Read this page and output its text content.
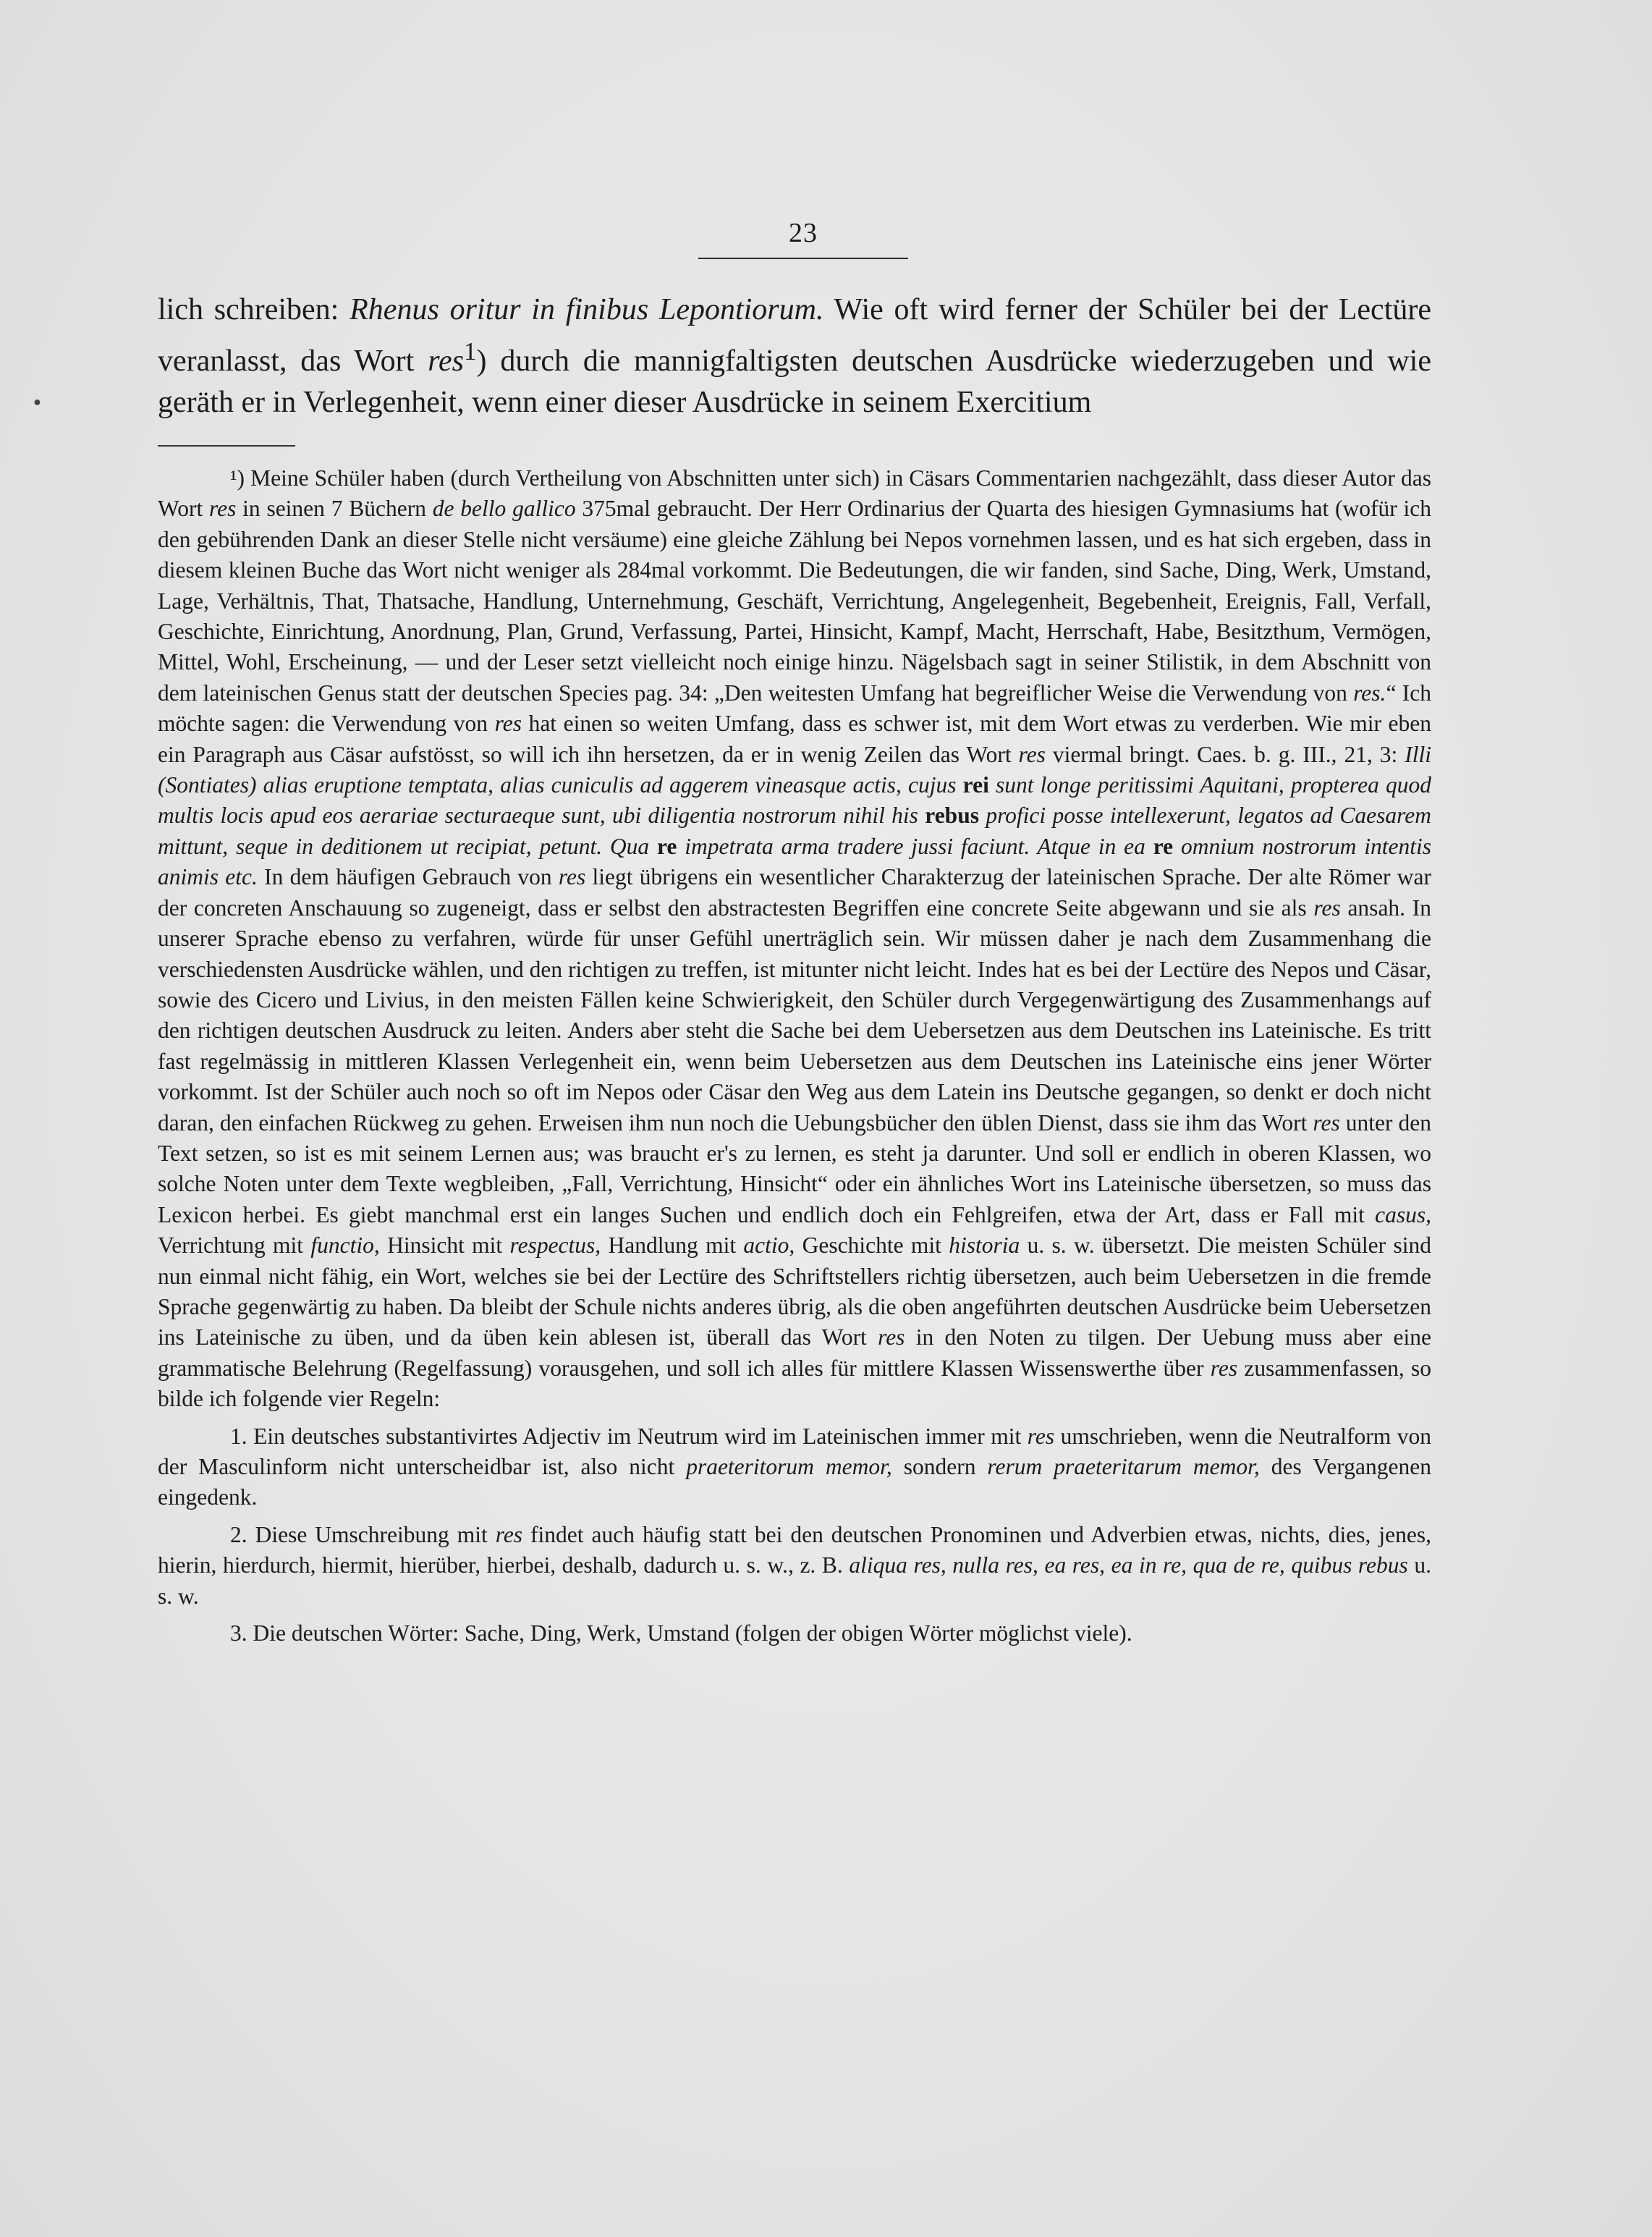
23
●

lich schreiben: Rhenus oritur in finibus Lepontiorum. Wie oft wird ferner der Schüler bei der Lectüre veranlasst, das Wort res$^1$) durch die mannigfaltigsten deutschen Ausdrücke wiederzugeben und wie geräth er in Verlegenheit, wenn einer dieser Ausdrücke in seinem Exercitium

¹) Meine Schüler haben (durch Vertheilung von Abschnitten unter sich) in Cäsars Commentarien nachgezählt, dass dieser Autor das Wort res in seinen 7 Büchern de bello gallico 375mal gebraucht. Der Herr Ordinarius der Quarta des hiesigen Gymnasiums hat (wofür ich den gebührenden Dank an dieser Stelle nicht versäume) eine gleiche Zählung bei Nepos vornehmen lassen, und es hat sich ergeben, dass in diesem kleinen Buche das Wort nicht weniger als 284mal vorkommt. Die Bedeutungen, die wir fanden, sind Sache, Ding, Werk, Umstand, Lage, Verhältnis, That, Thatsache, Handlung, Unternehmung, Geschäft, Verrichtung, Angelegenheit, Begebenheit, Ereignis, Fall, Verfall, Geschichte, Einrichtung, Anordnung, Plan, Grund, Verfassung, Partei, Hinsicht, Kampf, Macht, Herrschaft, Habe, Besitzthum, Vermögen, Mittel, Wohl, Erscheinung, — und der Leser setzt vielleicht noch einige hinzu. Nägelsbach sagt in seiner Stilistik, in dem Abschnitt von dem lateinischen Genus statt der deutschen Species pag. 34: „Den weitesten Umfang hat begreiflicher Weise die Verwendung von res.“ Ich möchte sagen: die Verwendung von res hat einen so weiten Umfang, dass es schwer ist, mit dem Wort etwas zu verderben. Wie mir eben ein Paragraph aus Cäsar aufstösst, so will ich ihn hersetzen, da er in wenig Zeilen das Wort res viermal bringt. Caes. b. g. III., 21, 3: Illi (Sontiates) alias eruptione temptata, alias cuniculis ad aggerem vineasque actis, cujus rei sunt longe peritissimi Aquitani, propterea quod multis locis apud eos aerariae secturaeque sunt, ubi diligentia nostrorum nihil his rebus profici posse intellexerunt, legatos ad Caesarem mittunt, seque in deditionem ut recipiat, petunt. Qua re impetrata arma tradere jussi faciunt. Atque in ea re omnium nostrorum intentis animis etc. In dem häufigen Gebrauch von res liegt übrigens ein wesentlicher Charakterzug der lateinischen Sprache. Der alte Römer war der concreten Anschauung so zugeneigt, dass er selbst den abstractesten Begriffen eine concrete Seite abgewann und sie als res ansah. In unserer Sprache ebenso zu verfahren, würde für unser Gefühl unerträglich sein. Wir müssen daher je nach dem Zusammenhang die verschiedensten Ausdrücke wählen, und den richtigen zu treffen, ist mitunter nicht leicht. Indes hat es bei der Lectüre des Nepos und Cäsar, sowie des Cicero und Livius, in den meisten Fällen keine Schwierigkeit, den Schüler durch Vergegenwärtigung des Zusammenhangs auf den richtigen deutschen Ausdruck zu leiten. Anders aber steht die Sache bei dem Uebersetzen aus dem Deutschen ins Lateinische. Es tritt fast regelmässig in mittleren Klassen Verlegenheit ein, wenn beim Uebersetzen aus dem Deutschen ins Lateinische eins jener Wörter vorkommt. Ist der Schüler auch noch so oft im Nepos oder Cäsar den Weg aus dem Latein ins Deutsche gegangen, so denkt er doch nicht daran, den einfachen Rückweg zu gehen. Erweisen ihm nun noch die Uebungsbücher den üblen Dienst, dass sie ihm das Wort res unter den Text setzen, so ist es mit seinem Lernen aus; was braucht er's zu lernen, es steht ja darunter. Und soll er endlich in oberen Klassen, wo solche Noten unter dem Texte wegbleiben, „Fall, Verrichtung, Hinsicht“ oder ein ähnliches Wort ins Lateinische übersetzen, so muss das Lexicon herbei. Es giebt manchmal erst ein langes Suchen und endlich doch ein Fehlgreifen, etwa der Art, dass er Fall mit casus, Verrichtung mit functio, Hinsicht mit respectus, Handlung mit actio, Geschichte mit historia u. s. w. übersetzt. Die meisten Schüler sind nun einmal nicht fähig, ein Wort, welches sie bei der Lectüre des Schriftstellers richtig übersetzen, auch beim Uebersetzen in die fremde Sprache gegenwärtig zu haben. Da bleibt der Schule nichts anderes übrig, als die oben angeführten deutschen Ausdrücke beim Uebersetzen ins Lateinische zu üben, und da üben kein ablesen ist, überall das Wort res in den Noten zu tilgen. Der Uebung muss aber eine grammatische Belehrung (Regelfassung) vorausgehen, und soll ich alles für mittlere Klassen Wissenswerthe über res zusammenfassen, so bilde ich folgende vier Regeln:

1. Ein deutsches substantivirtes Adjectiv im Neutrum wird im Lateinischen immer mit res umschrieben, wenn die Neutralform von der Masculinform nicht unterscheidbar ist, also nicht praeteritorum memor, sondern rerum praeteritarum memor, des Vergangenen eingedenk.

2. Diese Umschreibung mit res findet auch häufig statt bei den deutschen Pronominen und Adverbien etwas, nichts, dies, jenes, hierin, hierdurch, hiermit, hierüber, hierbei, deshalb, dadurch u. s. w., z. B. aliqua res, nulla res, ea res, ea in re, qua de re, quibus rebus u. s. w.

3. Die deutschen Wörter: Sache, Ding, Werk, Umstand (folgen der obigen Wörter möglichst viele).
